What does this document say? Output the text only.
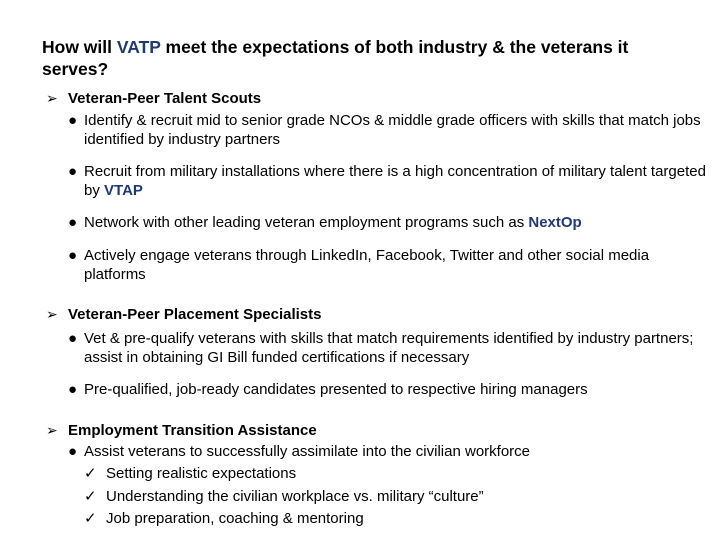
How will VATP meet the expectations of both industry & the veterans it serves?
➢ Veteran-Peer Talent Scouts
● Identify & recruit mid to senior grade NCOs & middle grade officers with skills that match jobs identified by industry partners
● Recruit from military installations where there is a high concentration of military talent targeted by VTAP
● Network with other leading veteran employment programs such as NextOp
● Actively engage veterans through LinkedIn, Facebook, Twitter and other social media platforms
➢ Veteran-Peer Placement Specialists
● Vet & pre-qualify veterans with skills that match requirements identified by industry partners; assist in obtaining GI Bill funded certifications if necessary
● Pre-qualified, job-ready candidates presented to respective hiring managers
➢ Employment Transition Assistance
● Assist veterans to successfully assimilate into the civilian workforce
✓ Setting realistic expectations
✓ Understanding the civilian workplace vs. military “culture”
✓ Job preparation, coaching & mentoring
